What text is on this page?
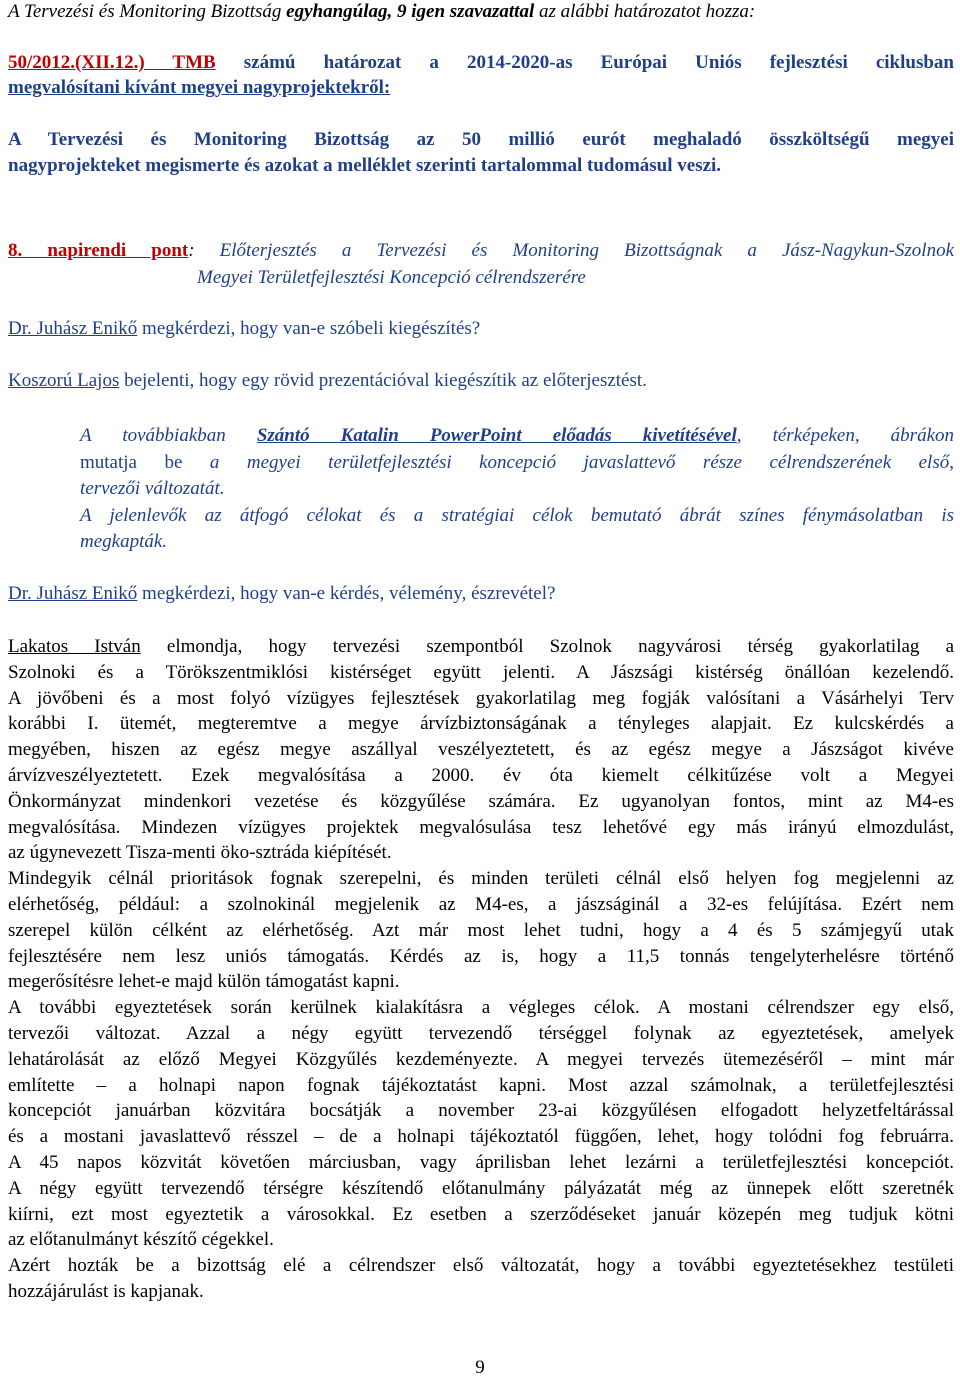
A Tervezési és Monitoring Bizottság egyhangúlag, 9 igen szavazattal az alábbi határozatot hozza:

50/2012.(XII.12.) TMB számú határozat a 2014-2020-as Európai Uniós fejlesztési ciklusban
megvalósítani kívánt megyei nagyprojektekről:

A Tervezési és Monitoring Bizottság az 50 millió eurót meghaladó összköltségű megyei
nagyprojekteket megismerte és azokat a melléklet szerinti tartalommal tudomásul veszi.

8. napirendi pont: Előterjesztés a Tervezési és Monitoring Bizottságnak a Jász-Nagykun-Szolnok
Megyei Területfejlesztési Koncepció célrendszerére

Dr. Juhász Enikő megkérdezi, hogy van-e szóbeli kiegészítés?

Koszorú Lajos bejelenti, hogy egy rövid prezentációval kiegészítik az előterjesztést.

A továbbiakban Szántó Katalin PowerPoint előadás kivetítésével, térképeken, ábrákon
mutatja be a megyei területfejlesztési koncepció javaslattevő része célrendszerének első,
tervezői változatát.
A jelenlevők az átfogó célokat és a stratégiai célok bemutató ábrát színes fénymásolatban is
megkapták.

Dr. Juhász Enikő megkérdezi, hogy van-e kérdés, vélemény, észrevétel?

Lakatos István elmondja, hogy tervezési szempontból Szolnok nagyvárosi térség gyakorlatilag a
Szolnoki és a Törökszentmiklósi kistérséget együtt jelenti. A Jászsági kistérség önállóan kezelendő.
A jövőbeni és a most folyó vízügyes fejlesztések gyakorlatilag meg fogják valósítani a Vásárhelyi Terv
korábbi I. ütemét, megteremtve a megye árvízbiztonságának a tényleges alapjait. Ez kulcskérdés a
megyében, hiszen az egész megye aszállyal veszélyeztetett, és az egész megye a Jászságot kivéve
árvízveszélyeztetett. Ezek megvalósítása a 2000. év óta kiemelt célkitűzése volt a Megyei
Önkormányzat mindenkori vezetése és közgyűlése számára. Ez ugyanolyan fontos, mint az M4-es
megvalósítása. Mindezen vízügyes projektek megvalósulása tesz lehetővé egy más irányú elmozdulást,
az úgynevezett Tisza-menti öko-sztráda kiépítését.
Mindegyik célnál prioritások fognak szerepelni, és minden területi célnál első helyen fog megjelenni az
elérhetőség, például: a szolnokinál megjelenik az M4-es, a jászságinál a 32-es felújítása. Ezért nem
szerepel külön célként az elérhetőség. Azt már most lehet tudni, hogy a 4 és 5 számjegyű utak
fejlesztésére nem lesz uniós támogatás. Kérdés az is, hogy a 11,5 tonnás tengelyterhelésre történő
megerősítésre lehet-e majd külön támogatást kapni.
A további egyeztetések során kerülnek kialakításra a végleges célok. A mostani célrendszer egy első,
tervezői változat. Azzal a négy együtt tervezendő térséggel folynak az egyeztetések, amelyek
lehatárolását az előző Megyei Közgyűlés kezdeményezte. A megyei tervezés ütemezéséről – mint már
említette – a holnapi napon fognak tájékoztatást kapni. Most azzal számolnak, a területfejlesztési
koncepciót januárban közvitára bocsátják a november 23-ai közgyűlésen elfogadott helyzetfeltárással
és a mostani javaslattevő résszel – de a holnapi tájékoztatól függően, lehet, hogy tolódni fog februárra.
A 45 napos közvitát követően márciusban, vagy áprilisban lehet lezárni a területfejlesztési koncepciót.
A négy együtt tervezendő térségre készítendő előtanulmány pályázatát még az ünnepek előtt szeretnék
kiírni, ezt most egyeztetik a városokkal. Ez esetben a szerződéseket január közepén meg tudjuk kötni
az előtanulmányt készítő cégekkel.
Azért hozták be a bizottság elé a célrendszer első változatát, hogy a további egyeztetésekhez testületi
hozzájárulást is kapjanak.
9
